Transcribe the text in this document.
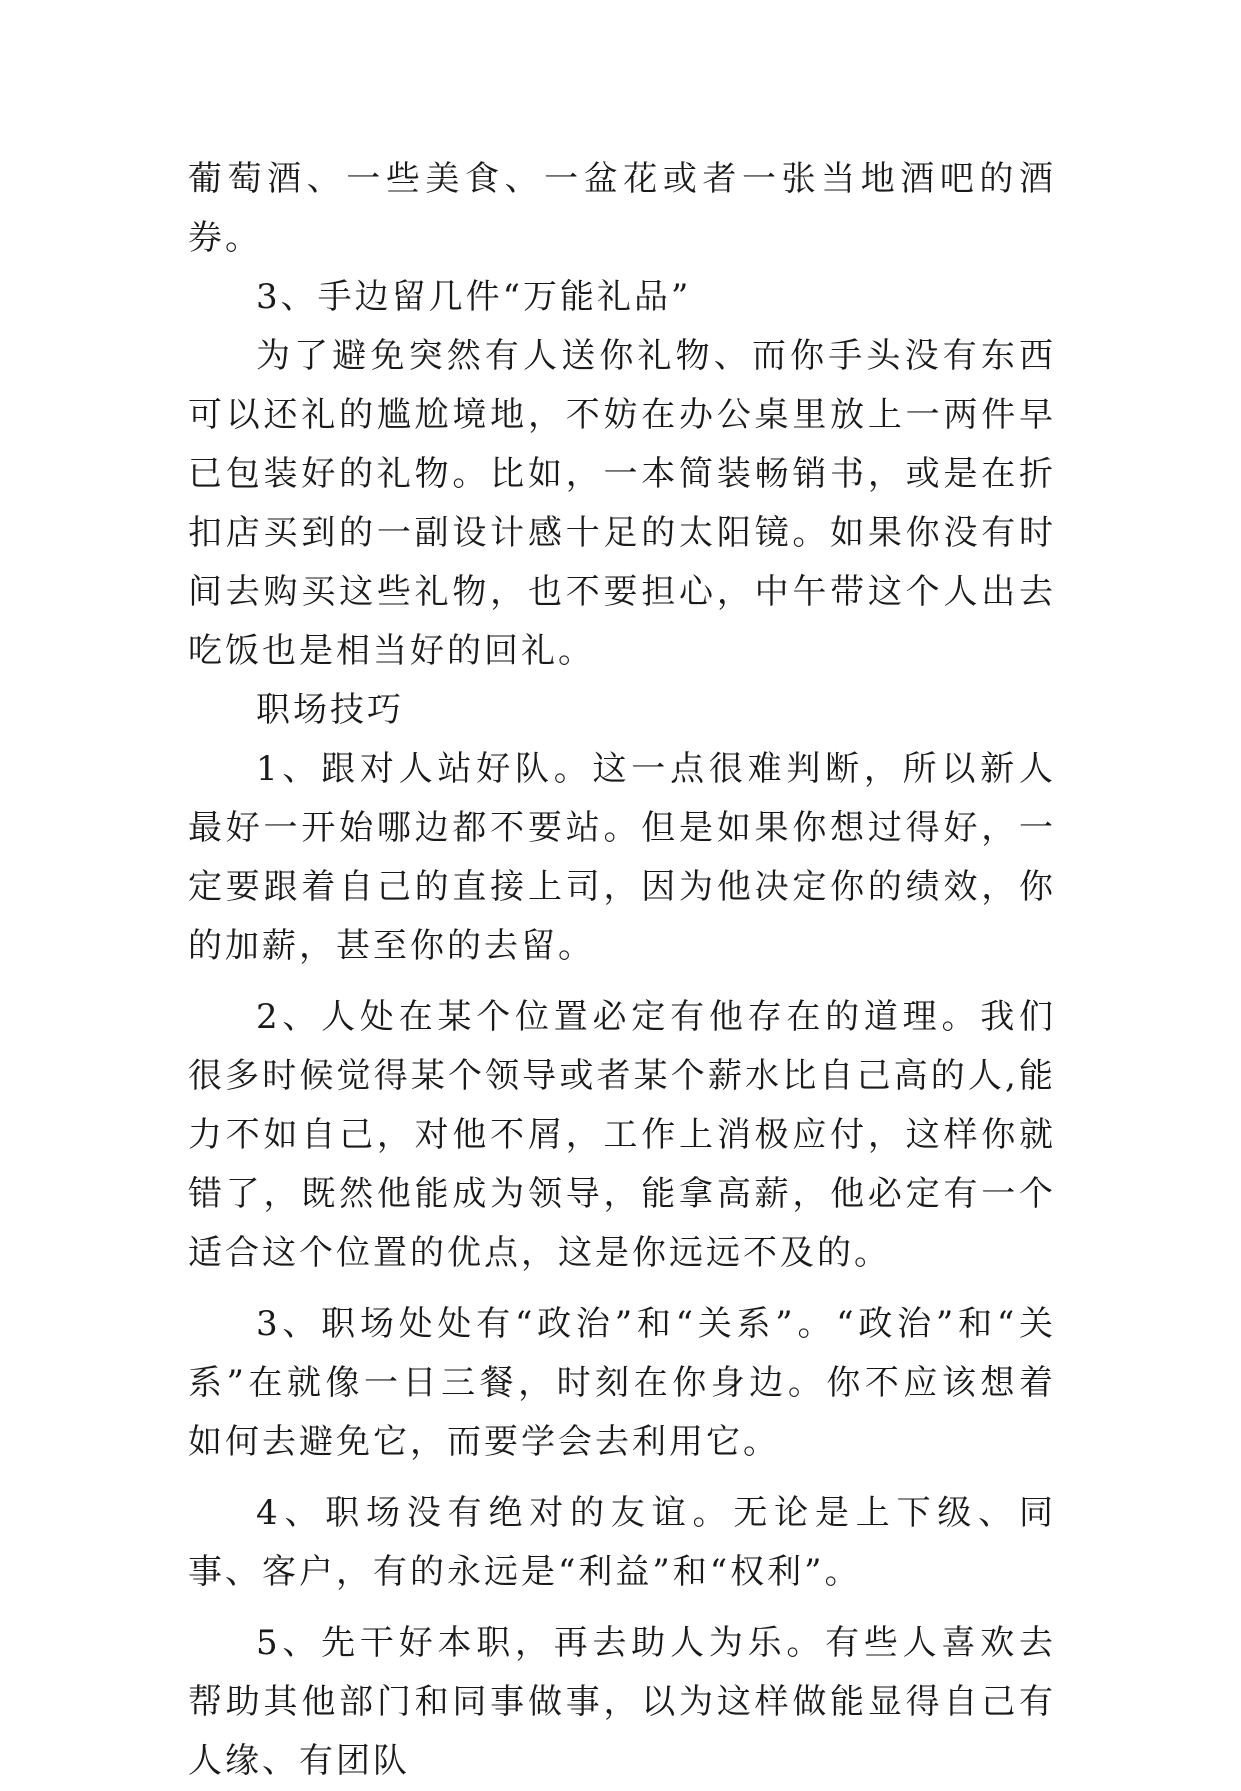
葡萄酒、一些美食、一盆花或者一张当地酒吧的酒券。

3、手边留几件“万能礼品”

为了避免突然有人送你礼物、而你手头没有东西可以还礼的尴尬境地，不妨在办公桌里放上一两件早已包装好的礼物。比如，一本简装畅销书，或是在折扣店买到的一副设计感十足的太阳镜。如果你没有时间去购买这些礼物，也不要担心，中午带这个人出去吃饭也是相当好的回礼。

职场技巧

1、跟对人站好队。这一点很难判断，所以新人最好一开始哪边都不要站。但是如果你想过得好，一定要跟着自己的直接上司，因为他决定你的绩效，你的加薪，甚至你的去留。

2、人处在某个位置必定有他存在的道理。我们很多时候觉得某个领导或者某个薪水比自己高的人,能力不如自己，对他不屑，工作上消极应付，这样你就错了，既然他能成为领导，能拿高薪，他必定有一个适合这个位置的优点，这是你远远不及的。

3、职场处处有“政治”和“关系”。“政治”和“关系”在就像一日三餐，时刻在你身边。你不应该想着如何去避免它，而要学会去利用它。

4、职场没有绝对的友谊。无论是上下级、同事、客户，有的永远是“利益”和“权利”。

5、先干好本职，再去助人为乐。有些人喜欢去帮助其他部门和同事做事，以为这样做能显得自己有人缘、有团队
